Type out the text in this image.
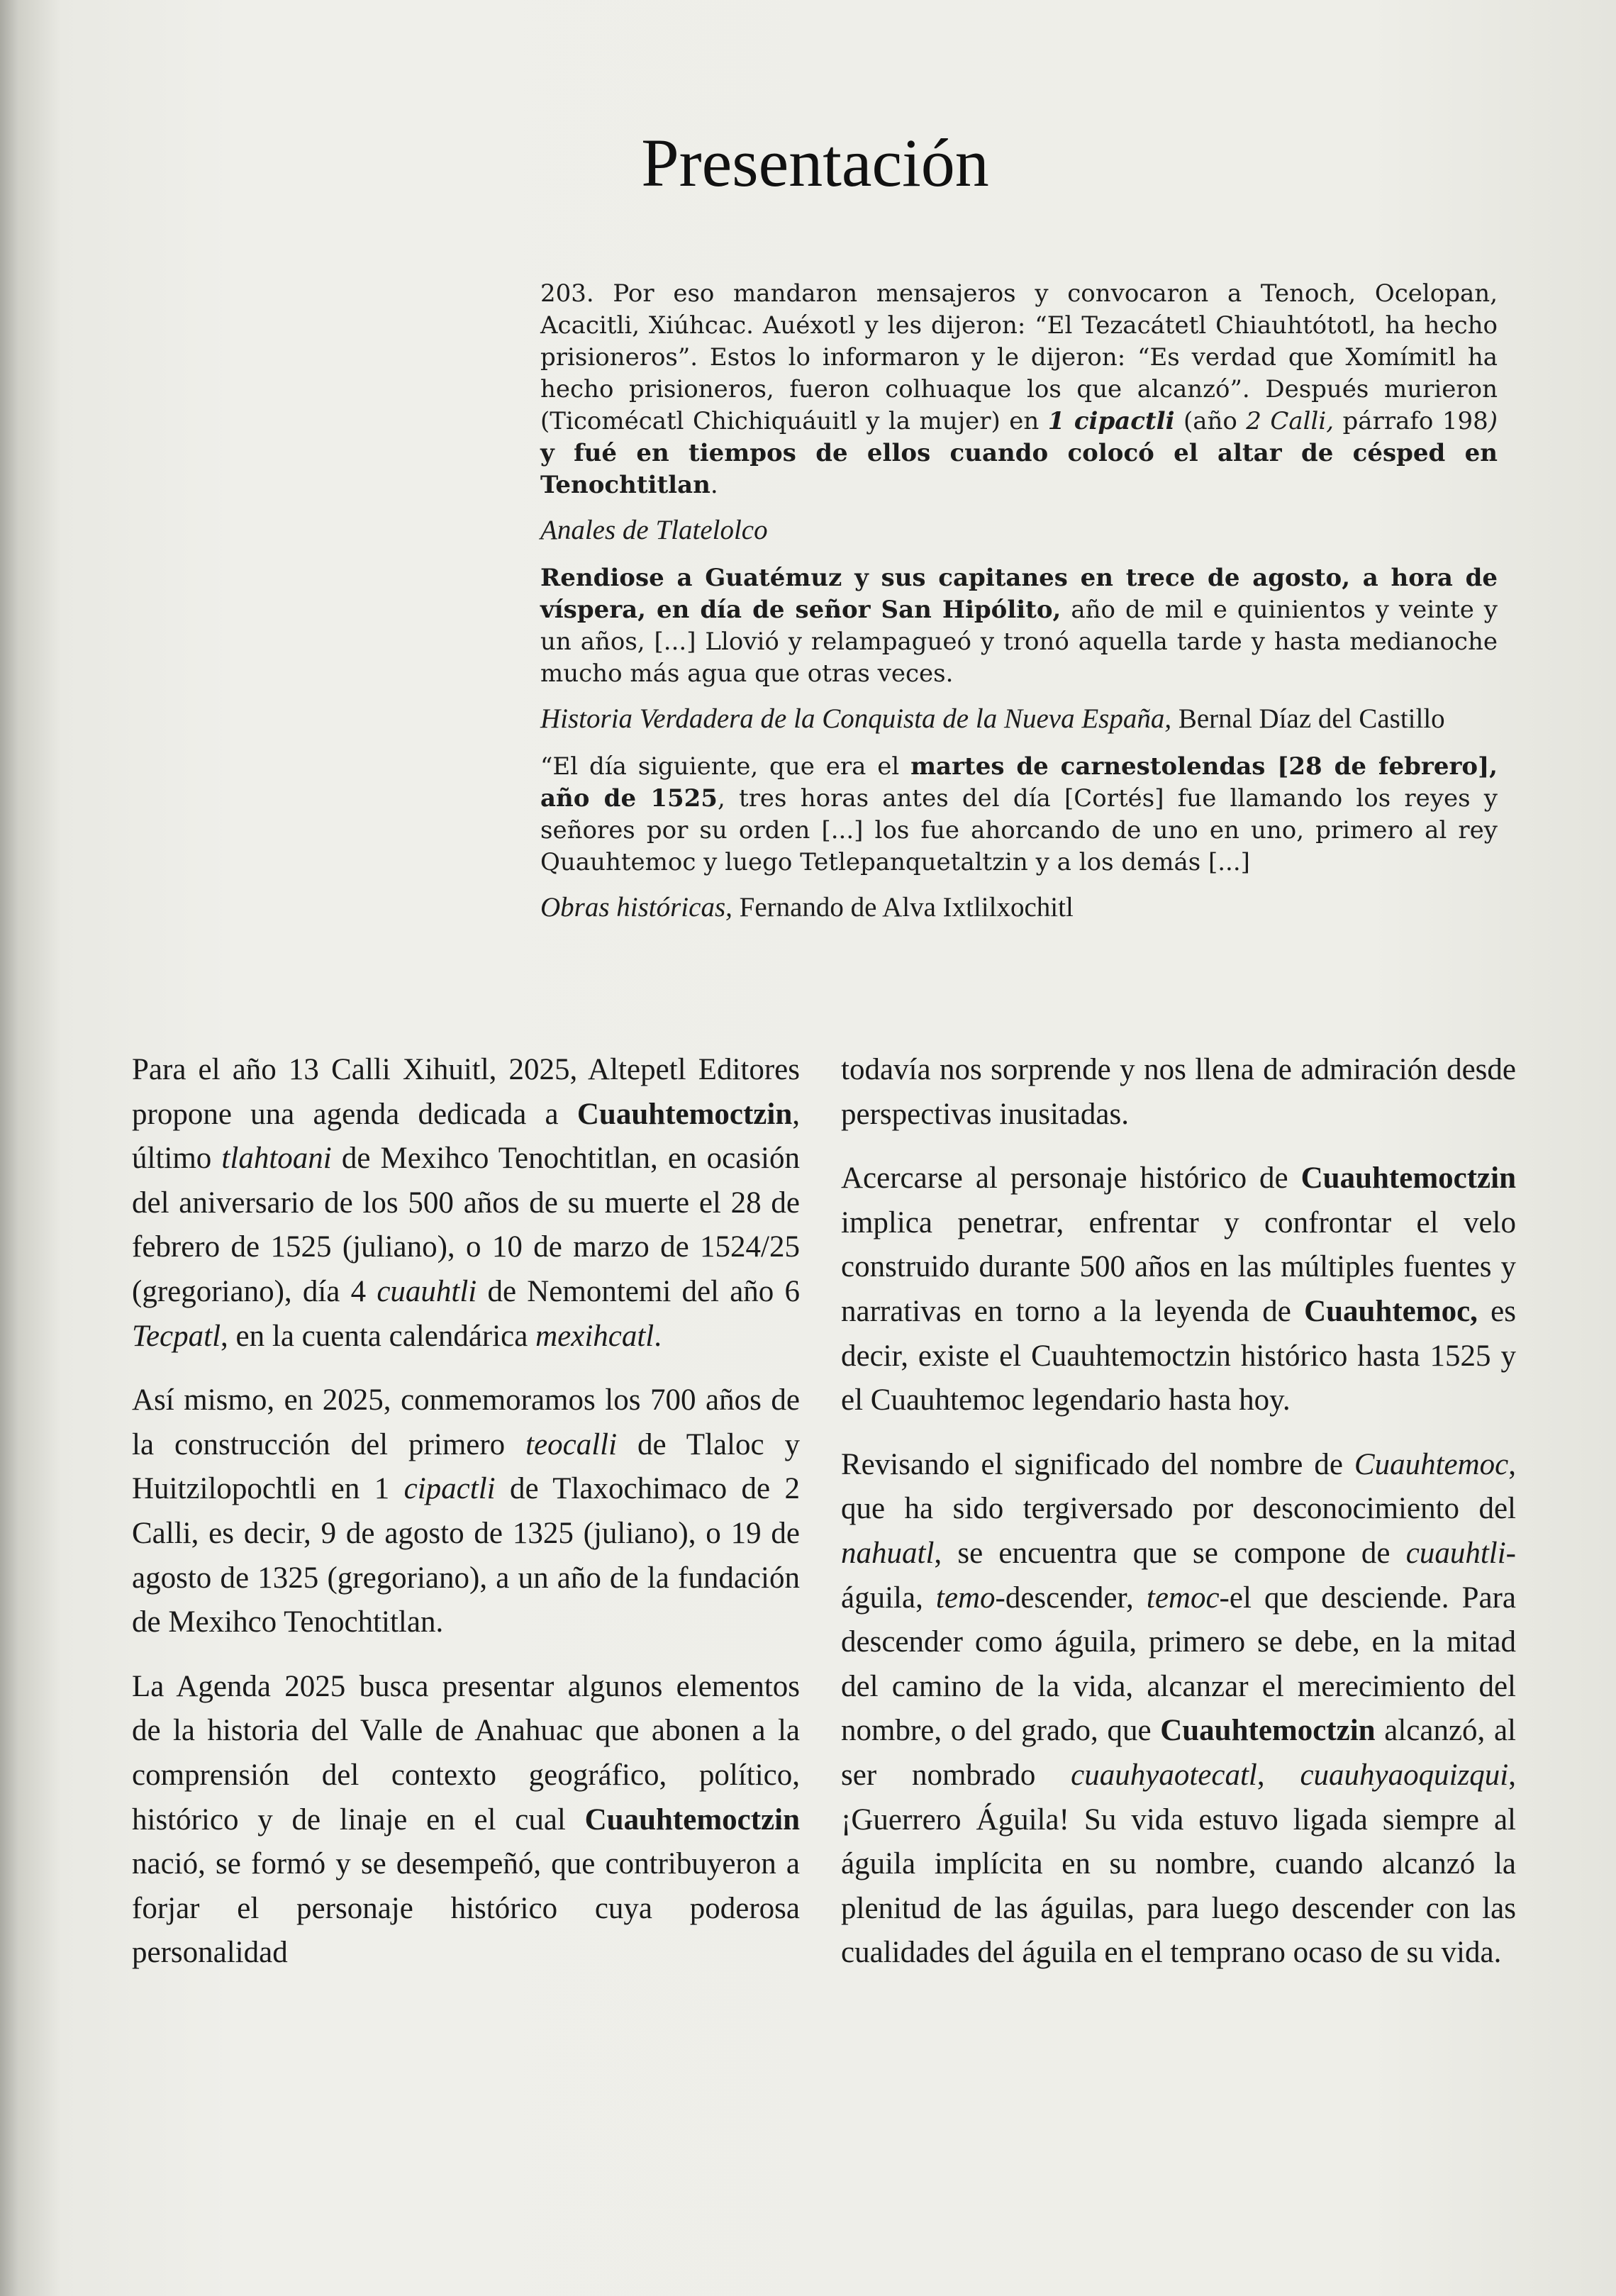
Presentación

203. Por eso mandaron mensajeros y convocaron a Tenoch, Ocelopan, Acacitli, Xiúhcac. Auéxotl y les dijeron: “El Tezacátetl Chiauhtótotl, ha hecho prisioneros”. Estos lo informaron y le dijeron: “Es verdad que Xomímitl ha hecho prisioneros, fueron colhuaque los que alcanzó”. Después murieron (Ticomécatl Chichiquáuitl y la mujer) en 1 cipactli (año 2 Calli, párrafo 198) y fué en tiempos de ellos cuando colocó el altar de césped en Tenochtitlan.

Anales de Tlatelolco

Rendiose a Guatémuz y sus capitanes en trece de agosto, a hora de víspera, en día de señor San Hipólito, año de mil e quinientos y veinte y un años, [...] Llovió y relampagueó y tronó aquella tarde y hasta medianoche mucho más agua que otras veces.

Historia Verdadera de la Conquista de la Nueva España, Bernal Díaz del Castillo

“El día siguiente, que era el martes de carnestolendas [28 de febrero], año de 1525, tres horas antes del día [Cortés] fue llamando los reyes y señores por su orden [...] los fue ahorcando de uno en uno, primero al rey Quauhtemoc y luego Tetlepanquetaltzin y a los demás [...]

Obras históricas, Fernando de Alva Ixtlilxochitl

Para el año 13 Calli Xihuitl, 2025, Altepetl Editores propone una agenda dedicada a Cuauhtemoctzin, último tlahtoani de Mexihco Tenochtitlan, en ocasión del aniversario de los 500 años de su muerte el 28 de febrero de 1525 (juliano), o 10 de marzo de 1524/25 (gregoriano), día 4 cuauhtli de Nemontemi del año 6 Tecpatl, en la cuenta calendárica mexihcatl.

Así mismo, en 2025, conmemoramos los 700 años de la construcción del primero teocalli de Tlaloc y Huitzilopochtli en 1 cipactli de Tlaxochimaco de 2 Calli, es decir, 9 de agosto de 1325 (juliano), o 19 de agosto de 1325 (gregoriano), a un año de la fundación de Mexihco Tenochtitlan.

La Agenda 2025 busca presentar algunos elementos de la historia del Valle de Anahuac que abonen a la comprensión del contexto geográfico, político, histórico y de linaje en el cual Cuauhtemoctzin nació, se formó y se desempeñó, que contribuyeron a forjar el personaje histórico cuya poderosa personalidad

todavía nos sorprende y nos llena de admiración desde perspectivas inusitadas.

Acercarse al personaje histórico de Cuauhtemoctzin implica penetrar, enfrentar y confrontar el velo construido durante 500 años en las múltiples fuentes y narrativas en torno a la leyenda de Cuauhtemoc, es decir, existe el Cuauhtemoctzin histórico hasta 1525 y el Cuauhtemoc legendario hasta hoy.

Revisando el significado del nombre de Cuauhtemoc, que ha sido tergiversado por desconocimiento del nahuatl, se encuentra que se compone de cuauhtli-águila, temo-descender, temoc-el que desciende. Para descender como águila, primero se debe, en la mitad del camino de la vida, alcanzar el merecimiento del nombre, o del grado, que Cuauhtemoctzin alcanzó, al ser nombrado cuauhyaotecatl, cuauhyaoquizqui, ¡Guerrero Águila! Su vida estuvo ligada siempre al águila implícita en su nombre, cuando alcanzó la plenitud de las águilas, para luego descender con las cualidades del águila en el temprano ocaso de su vida.
